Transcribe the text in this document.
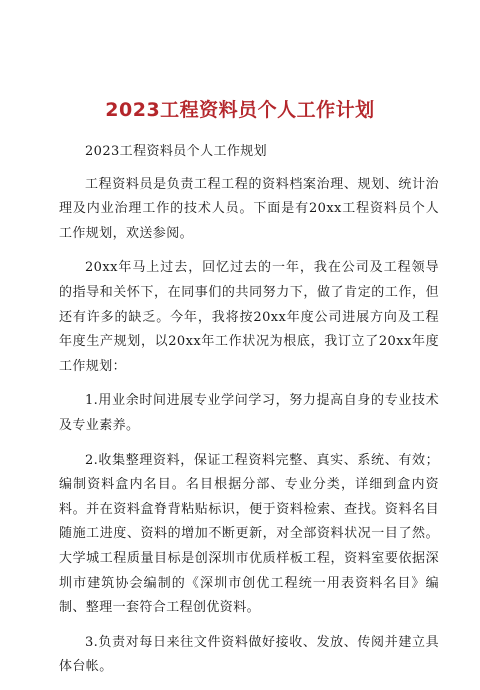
2023工程资料员个人工作计划

2023工程资料员个人工作规划

工程资料员是负责工程工程的资料档案治理、规划、统计治理及内业治理工作的技术人员。下面是有20xx工程资料员个人工作规划，欢送参阅。

20xx年马上过去，回忆过去的一年，我在公司及工程领导的指导和关怀下，在同事们的共同努力下，做了肯定的工作，但还有许多的缺乏。今年，我将按20xx年度公司进展方向及工程年度生产规划，以20xx年工作状况为根底，我订立了20xx年度工作规划：

1.用业余时间进展专业学问学习，努力提高自身的专业技术及专业素养。

2.收集整理资料，保证工程资料完整、真实、系统、有效；编制资料盒内名目。名目根据分部、专业分类，详细到盒内资料。并在资料盒脊背粘贴标识，便于资料检索、查找。资料名目随施工进度、资料的增加不断更新，对全部资料状况一目了然。大学城工程质量目标是创深圳市优质样板工程，资料室要依据深圳市建筑协会编制的《深圳市创优工程统一用表资料名目》编制、整理一套符合工程创优资料。

3.负责对每日来往文件资料做好接收、发放、传阅并建立具体台帐。
